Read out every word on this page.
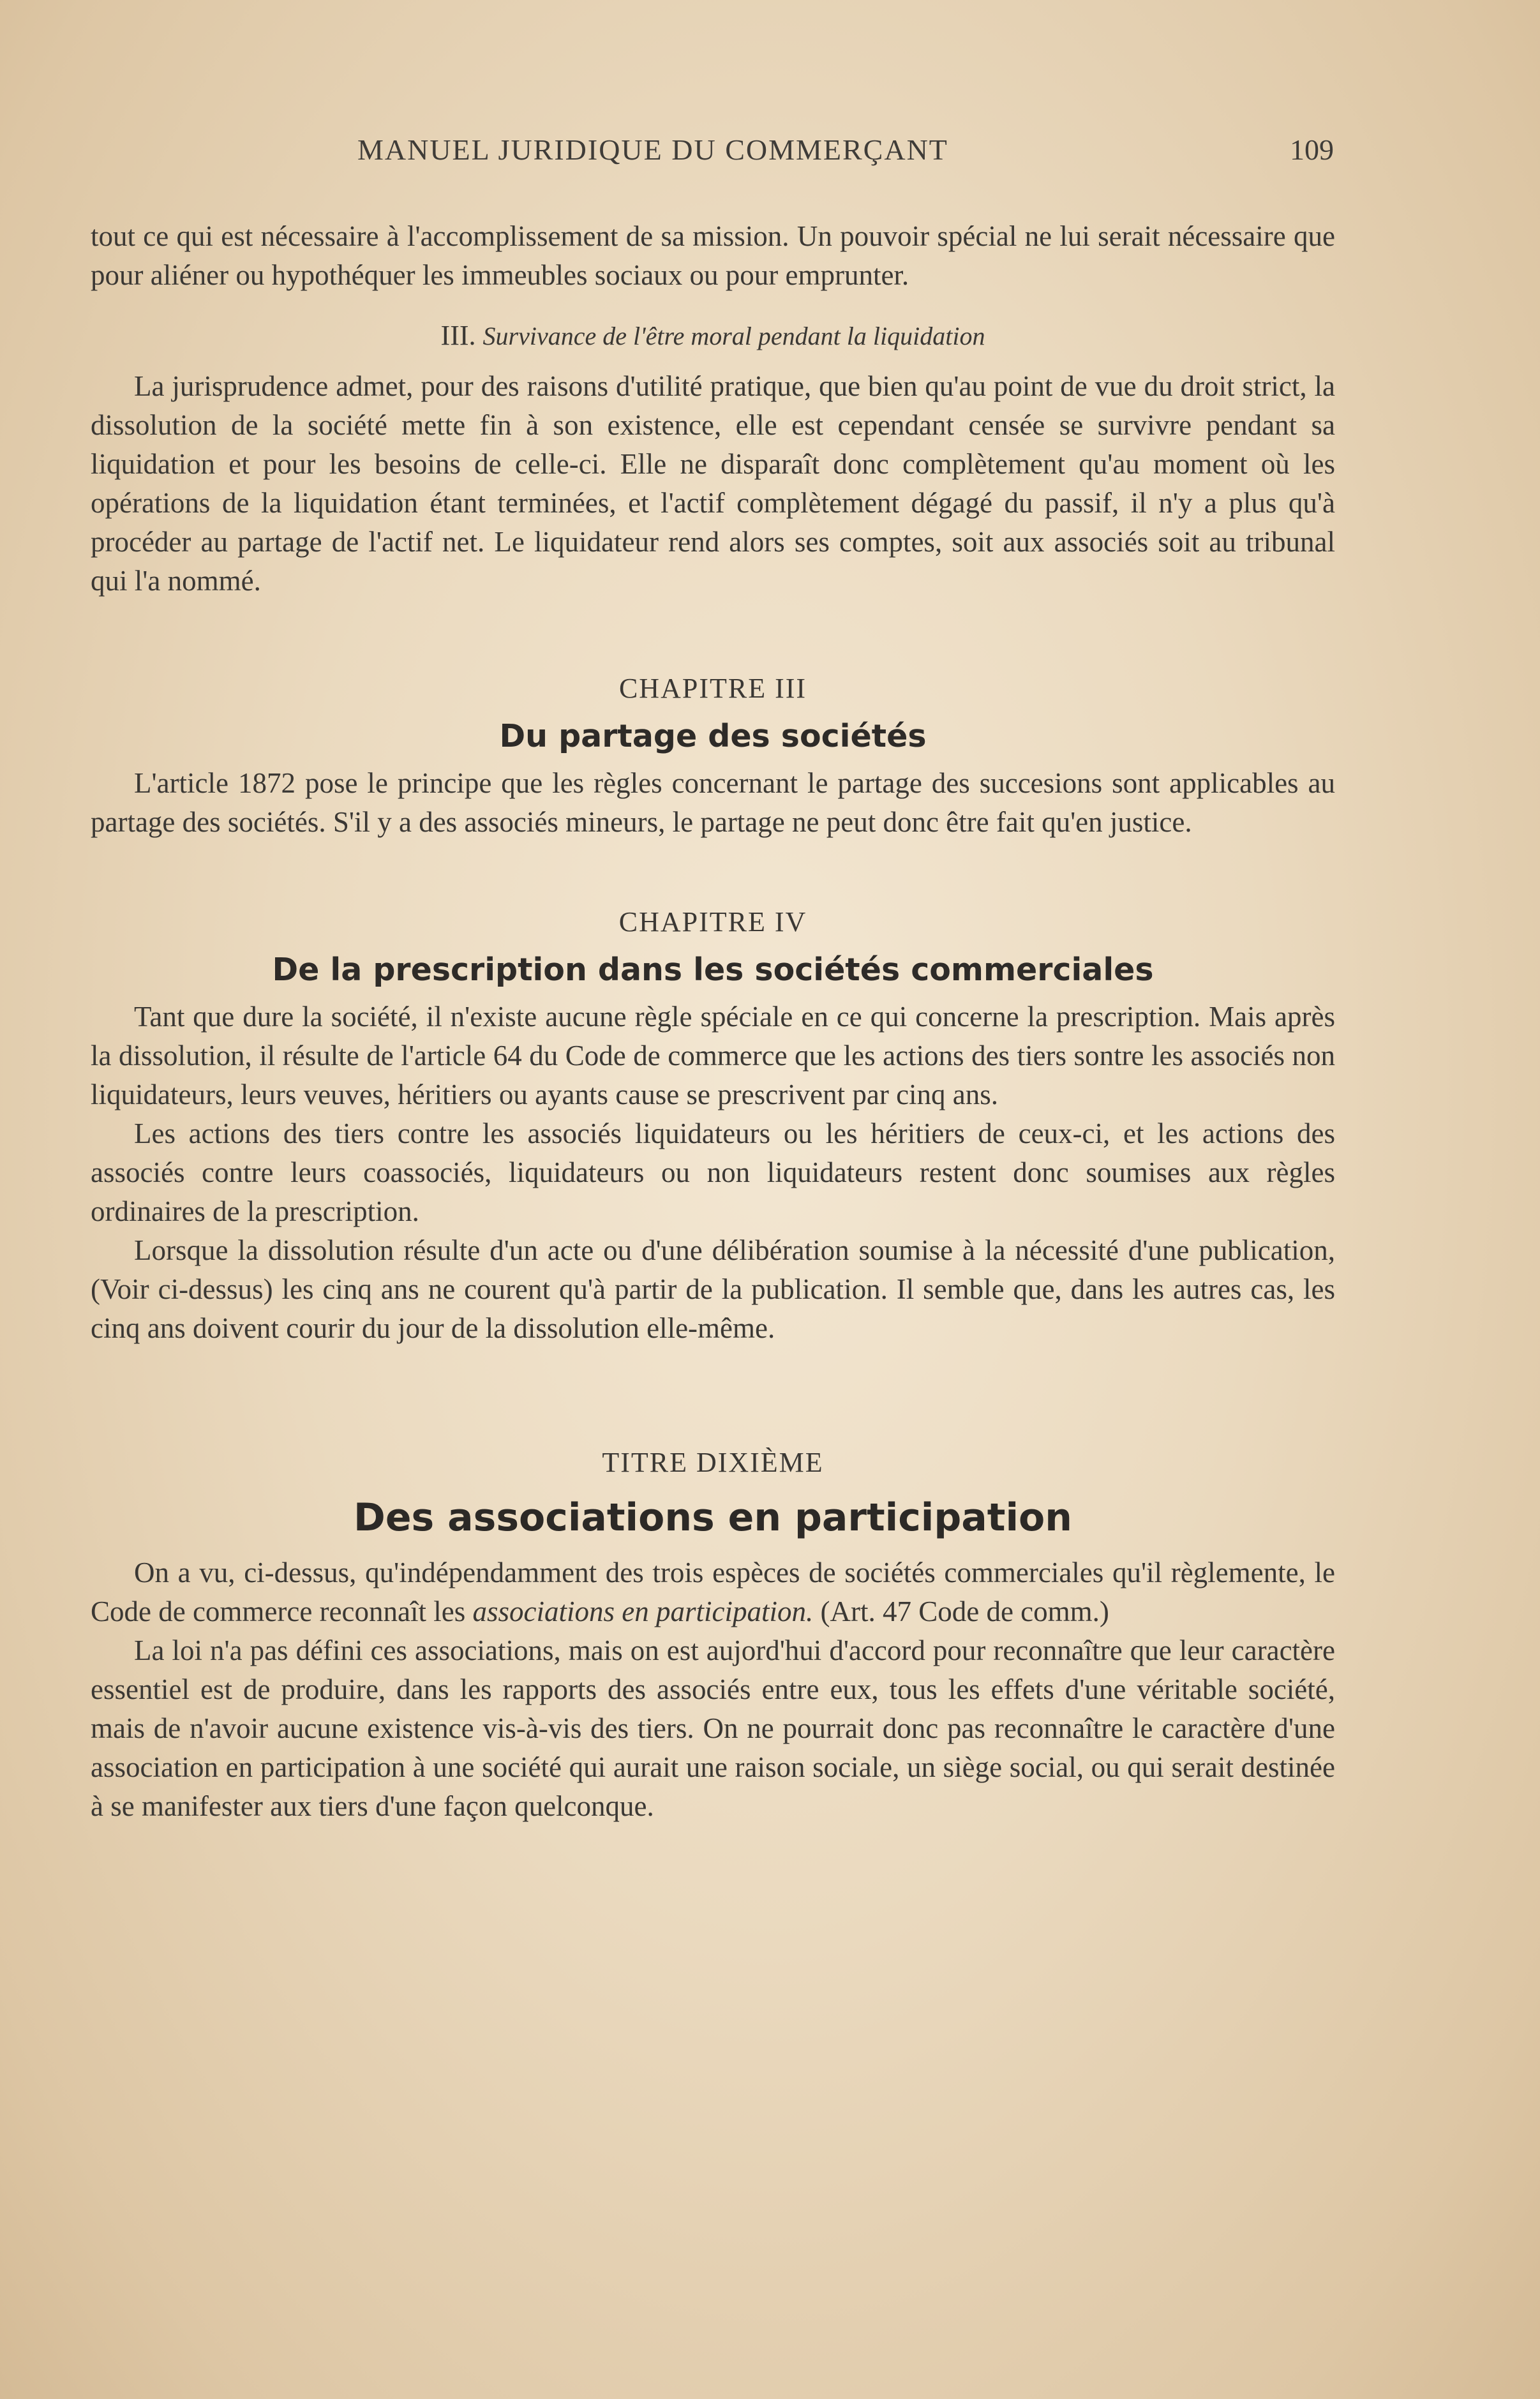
MANUEL JURIDIQUE DU COMMERÇANT	109

tout ce qui est nécessaire à l'accomplissement de sa mission. Un pouvoir spécial ne lui serait nécessaire que pour aliéner ou hypothéquer les immeubles sociaux ou pour emprunter.

III. Survivance de l'être moral pendant la liquidation

La jurisprudence admet, pour des raisons d'utilité pratique, que bien qu'au point de vue du droit strict, la dissolution de la société mette fin à son existence, elle est cependant censée se survivre pendant sa liquidation et pour les besoins de celle-ci. Elle ne disparaît donc complètement qu'au moment où les opérations de la liquidation étant terminées, et l'actif complètement dégagé du passif, il n'y a plus qu'à procéder au partage de l'actif net. Le liquidateur rend alors ses comptes, soit aux associés soit au tribunal qui l'a nommé.

CHAPITRE III
Du partage des sociétés

L'article 1872 pose le principe que les règles concernant le partage des succesions sont applicables au partage des sociétés. S'il y a des associés mineurs, le partage ne peut donc être fait qu'en justice.

CHAPITRE IV
De la prescription dans les sociétés commerciales

Tant que dure la société, il n'existe aucune règle spéciale en ce qui concerne la prescription. Mais après la dissolution, il résulte de l'article 64 du Code de commerce que les actions des tiers sontre les associés non liquidateurs, leurs veuves, héritiers ou ayants cause se prescrivent par cinq ans.

Les actions des tiers contre les associés liquidateurs ou les héritiers de ceux-ci, et les actions des associés contre leurs coassociés, liquidateurs ou non liquidateurs restent donc soumises aux règles ordinaires de la prescription.

Lorsque la dissolution résulte d'un acte ou d'une délibération soumise à la nécessité d'une publication, (Voir ci-dessus) les cinq ans ne courent qu'à partir de la publication. Il semble que, dans les autres cas, les cinq ans doivent courir du jour de la dissolution elle-même.

TITRE DIXIÈME
Des associations en participation

On a vu, ci-dessus, qu'indépendamment des trois espèces de sociétés commerciales qu'il règlemente, le Code de commerce reconnaît les associations en participation. (Art. 47 Code de comm.)

La loi n'a pas défini ces associations, mais on est aujord'hui d'accord pour reconnaître que leur caractère essentiel est de produire, dans les rapports des associés entre eux, tous les effets d'une véritable société, mais de n'avoir aucune existence vis-à-vis des tiers. On ne pourrait donc pas reconnaître le caractère d'une association en participation à une société qui aurait une raison sociale, un siège social, ou qui serait destinée à se manifester aux tiers d'une façon quelconque.
